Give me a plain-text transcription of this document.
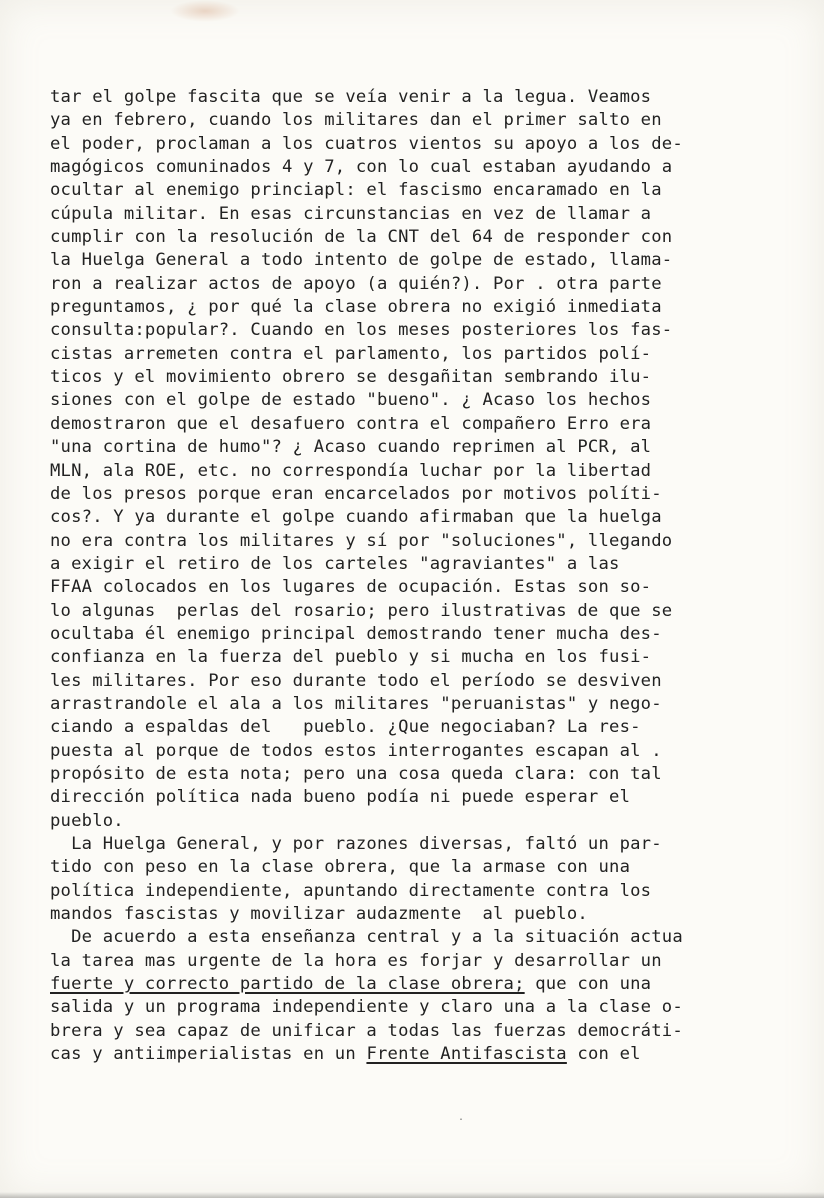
tar el golpe fascita que se veía venir a la legua. Veamos
ya en febrero, cuando los militares dan el primer salto en
el poder, proclaman a los cuatros vientos su apoyo a los de-
magógicos comuninados 4 y 7, con lo cual estaban ayudando a
ocultar al enemigo princiapl: el fascismo encaramado en la
cúpula militar. En esas circunstancias en vez de llamar a
cumplir con la resolución de la CNT del 64 de responder con
la Huelga General a todo intento de golpe de estado, llama-
ron a realizar actos de apoyo (a quién?). Por . otra parte
preguntamos, ¿ por qué la clase obrera no exigió inmediata
consulta:popular?. Cuando en los meses posteriores los fas-
cistas arremeten contra el parlamento, los partidos polí-
ticos y el movimiento obrero se desgañitan sembrando ilu-
siones con el golpe de estado "bueno". ¿ Acaso los hechos
demostraron que el desafuero contra el compañero Erro era
"una cortina de humo"? ¿ Acaso cuando reprimen al PCR, al
MLN, ala ROE, etc. no correspondía luchar por la libertad
de los presos porque eran encarcelados por motivos políti-
cos?. Y ya durante el golpe cuando afirmaban que la huelga
no era contra los militares y sí por "soluciones", llegando
a exigir el retiro de los carteles "agraviantes" a las
FFAA colocados en los lugares de ocupación. Estas son so-
lo algunas  perlas del rosario; pero ilustrativas de que se
ocultaba él enemigo principal demostrando tener mucha des-
confianza en la fuerza del pueblo y si mucha en los fusi-
les militares. Por eso durante todo el período se desviven
arrastrandole el ala a los militares "peruanistas" y nego-
ciando a espaldas del   pueblo. ¿Que negociaban? La res-
puesta al porque de todos estos interrogantes escapan al .
propósito de esta nota; pero una cosa queda clara: con tal
dirección política nada bueno podía ni puede esperar el
pueblo.
La Huelga General, y por razones diversas, faltó un par-
tido con peso en la clase obrera, que la armase con una
política independiente, apuntando directamente contra los
mandos fascistas y movilizar audazmente  al pueblo.
De acuerdo a esta enseñanza central y a la situación actua
la tarea mas urgente de la hora es forjar y desarrollar un
fuerte y correcto partido de la clase obrera; que con una
salida y un programa independiente y claro una a la clase o-
brera y sea capaz de unificar a todas las fuerzas democráti-
cas y antiimperialistas en un Frente Antifascista con el
.
